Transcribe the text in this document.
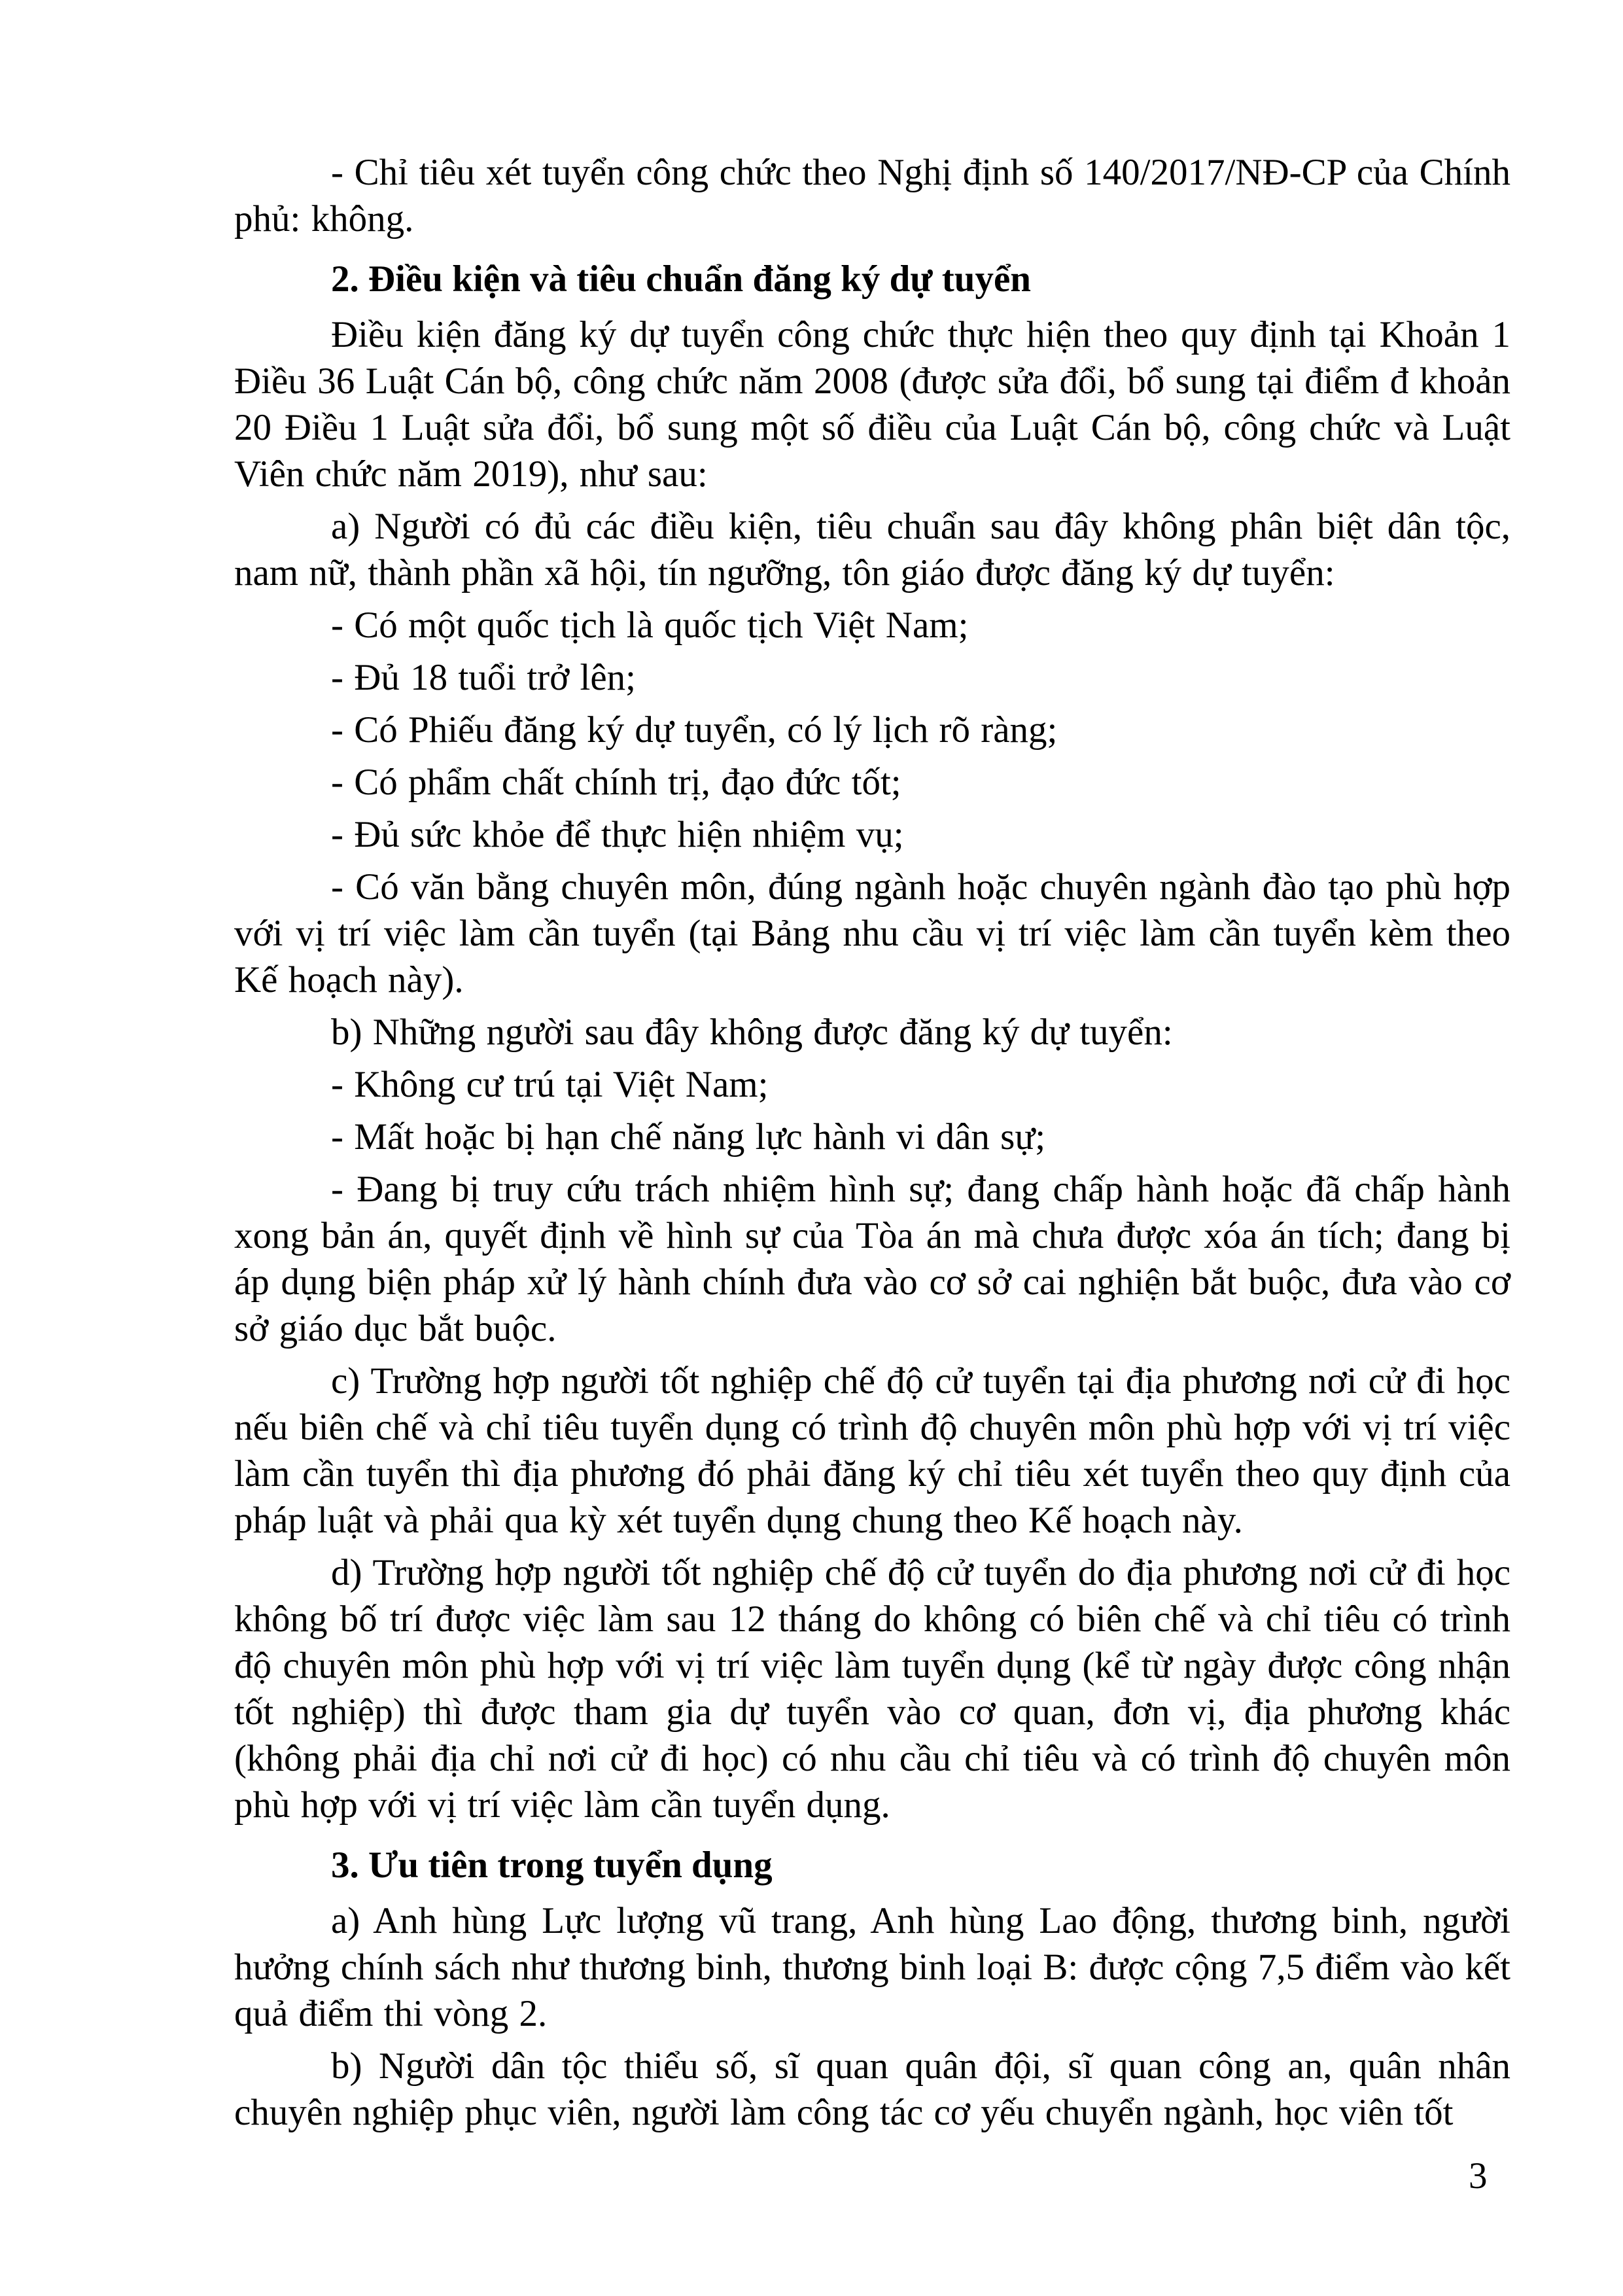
- Chỉ tiêu xét tuyển công chức theo Nghị định số 140/2017/NĐ-CP của Chính phủ: không.

2. Điều kiện và tiêu chuẩn đăng ký dự tuyển

Điều kiện đăng ký dự tuyển công chức thực hiện theo quy định tại Khoản 1 Điều 36 Luật Cán bộ, công chức năm 2008 (được sửa đổi, bổ sung tại điểm đ khoản 20 Điều 1 Luật sửa đổi, bổ sung một số điều của Luật Cán bộ, công chức và Luật Viên chức năm 2019), như sau:

a) Người có đủ các điều kiện, tiêu chuẩn sau đây không phân biệt dân tộc, nam nữ, thành phần xã hội, tín ngưỡng, tôn giáo được đăng ký dự tuyển:

- Có một quốc tịch là quốc tịch Việt Nam;

- Đủ 18 tuổi trở lên;

- Có Phiếu đăng ký dự tuyển, có lý lịch rõ ràng;

- Có phẩm chất chính trị, đạo đức tốt;

- Đủ sức khỏe để thực hiện nhiệm vụ;

- Có văn bằng chuyên môn, đúng ngành hoặc chuyên ngành đào tạo phù hợp với vị trí việc làm cần tuyển (tại Bảng nhu cầu vị trí việc làm cần tuyển kèm theo Kế hoạch này).

b) Những người sau đây không được đăng ký dự tuyển:

- Không cư trú tại Việt Nam;

- Mất hoặc bị hạn chế năng lực hành vi dân sự;

- Đang bị truy cứu trách nhiệm hình sự; đang chấp hành hoặc đã chấp hành xong bản án, quyết định về hình sự của Tòa án mà chưa được xóa án tích; đang bị áp dụng biện pháp xử lý hành chính đưa vào cơ sở cai nghiện bắt buộc, đưa vào cơ sở giáo dục bắt buộc.

c) Trường hợp người tốt nghiệp chế độ cử tuyển tại địa phương nơi cử đi học nếu biên chế và chỉ tiêu tuyển dụng có trình độ chuyên môn phù hợp với vị trí việc làm cần tuyển thì địa phương đó phải đăng ký chỉ tiêu xét tuyển theo quy định của pháp luật và phải qua kỳ xét tuyển dụng chung theo Kế hoạch này.

d) Trường hợp người tốt nghiệp chế độ cử tuyển do địa phương nơi cử đi học không bố trí được việc làm sau 12 tháng do không có biên chế và chỉ tiêu có trình độ chuyên môn phù hợp với vị trí việc làm tuyển dụng (kể từ ngày được công nhận tốt nghiệp) thì được tham gia dự tuyển vào cơ quan, đơn vị, địa phương khác (không phải địa chỉ nơi cử đi học) có nhu cầu chỉ tiêu và có trình độ chuyên môn phù hợp với vị trí việc làm cần tuyển dụng.

3. Ưu tiên trong tuyển dụng

a) Anh hùng Lực lượng vũ trang, Anh hùng Lao động, thương binh, người hưởng chính sách như thương binh, thương binh loại B: được cộng 7,5 điểm vào kết quả điểm thi vòng 2.

b) Người dân tộc thiểu số, sĩ quan quân đội, sĩ quan công an, quân nhân chuyên nghiệp phục viên, người làm công tác cơ yếu chuyển ngành, học viên tốt

3
